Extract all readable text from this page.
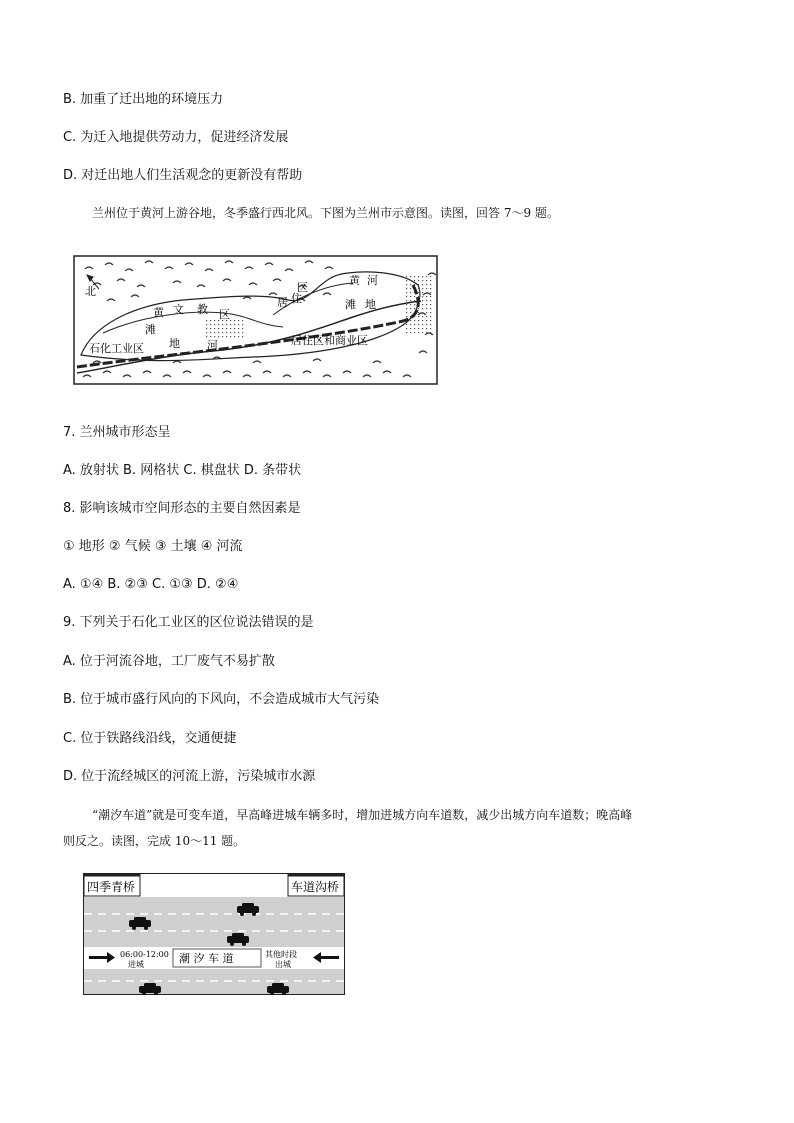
B. 加重了迁出地的环境压力
C. 为迁入地提供劳动力，促进经济发展
D. 对迁出地人们生活观念的更新没有帮助
兰州位于黄河上游谷地，冬季盛行西北风。下图为兰州市示意图。读图，回答 7～9 题。
北
黄 文 教 区
滩
地 河
石化工业区
居 住
区
黄 河
滩 地
居住区和商业区
7. 兰州城市形态呈
A. 放射状 B. 网格状 C. 棋盘状 D. 条带状
8. 影响该城市空间形态的主要自然因素是
① 地形 ② 气候 ③ 土壤 ④ 河流
A. ①④ B. ②③ C. ①③ D. ②④
9. 下列关于石化工业区的区位说法错误的是
A. 位于河流谷地，工厂废气不易扩散
B. 位于城市盛行风向的下风向，不会造成城市大气污染
C. 位于铁路线沿线，交通便捷
D. 位于流经城区的河流上游，污染城市水源
“潮汐车道”就是可变车道，早高峰进城车辆多时，增加进城方向车道数，减少出城方向车道数；晚高峰
则反之。读图，完成 10～11 题。
四季青桥	车道沟桥
潮 汐 车 道
06:00-12:00
进城
其他时段
出城
